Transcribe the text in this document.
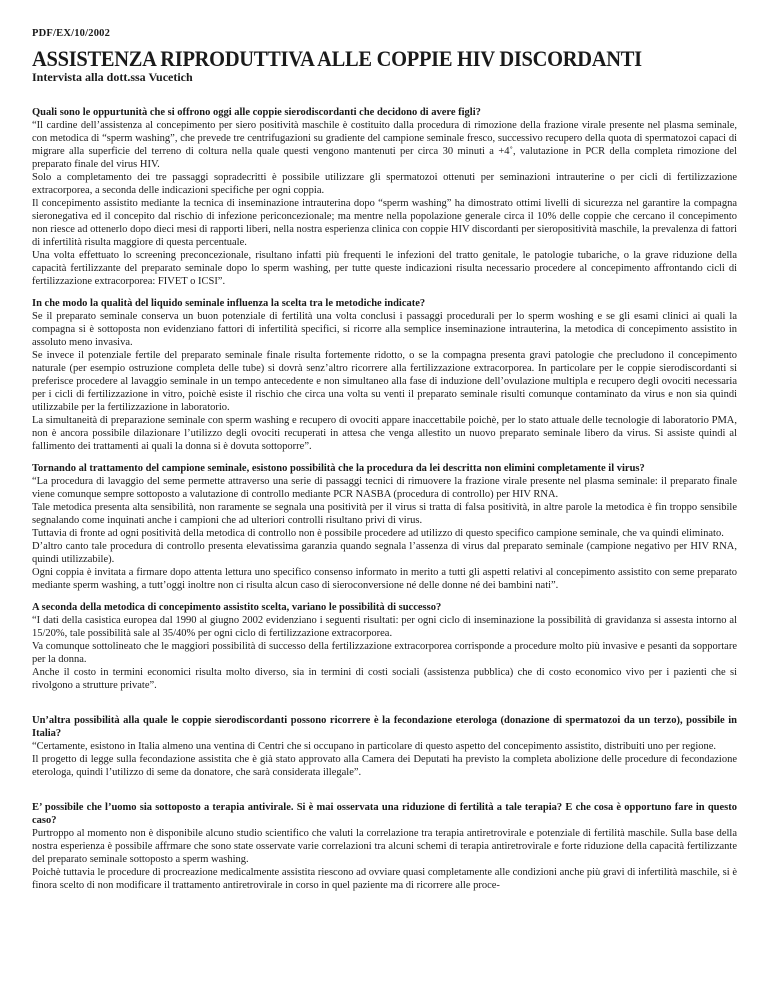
PDF/EX/10/2002
ASSISTENZA RIPRODUTTIVA ALLE COPPIE HIV DISCORDANTI
Intervista alla dott.ssa Vucetich

Quali sono le oppurtunità che si offrono oggi alle coppie sierodiscordanti che decidono di avere figli?

“Il cardine dell’assistenza al concepimento per siero positività maschile è costituito dalla procedura di rimozione della frazione virale presente nel plasma seminale, con metodica di “sperm washing”, che prevede tre centrifugazioni su gradiente del campione seminale fresco, successivo recupero della quota di spermatozoi capaci di migrare alla superficie del terreno di coltura nella quale questi vengono mantenuti per circa 30 minuti a +4˚, valutazione in PCR della completa rimozione del preparato finale del virus HIV.

Solo a completamento dei tre passaggi sopradecritti è possibile utilizzare gli spermatozoi ottenuti per seminazioni intrauterine o per cicli di fertilizzazione extracorporea, a seconda delle indicazioni specifiche per ogni coppia.

Il concepimento assistito mediante la tecnica di inseminazione intrauterina dopo “sperm washing” ha dimostrato ottimi livelli di sicurezza nel garantire la compagna sieronegativa ed il concepito dal rischio di infezione periconcezionale; ma mentre nella popolazione generale circa il 10% delle coppie che cercano il concepimento non riesce ad ottenerlo dopo dieci mesi di rapporti liberi, nella nostra esperienza clinica con coppie HIV discordanti per sieropositività maschile, la prevalenza di fattori di infertilità risulta maggiore di questa percentuale.

Una volta effettuato lo screening preconcezionale, risultano infatti più frequenti le infezioni del tratto genitale, le patologie tubariche, o la grave riduzione della capacità fertilizzante del preparato seminale dopo lo sperm washing, per tutte queste indicazioni risulta necessario procedere al concepimento affrontando cicli di fertilizzazione extracorporea: FIVET o ICSI”.

In che modo la qualità del liquido seminale influenza la scelta tra le metodiche indicate?

Se il preparato seminale conserva un buon potenziale di fertilità una volta conclusi i passaggi procedurali per lo sperm woshing e se gli esami clinici ai quali la compagna si è sottoposta non evidenziano fattori di infertilità specifici, si ricorre alla semplice inseminazione intrauterina, la metodica di concepimento assistito in assoluto meno invasiva.

Se invece il potenziale fertile del preparato seminale finale risulta fortemente ridotto, o se la compagna presenta gravi patologie che precludono il concepimento naturale (per esempio ostruzione completa delle tube) si dovrà senz’altro ricorrere alla fertilizzazione extracorporea. In particolare per le coppie sierodiscordanti si preferisce procedere al lavaggio seminale in un tempo antecedente e non simultaneo alla fase di induzione dell’ovulazione multipla e recupero degli ovociti necessaria per i cicli di fertilizzazione in vitro, poichè esiste il rischio che circa una volta su venti il preparato seminale risulti comunque contaminato da virus e non sia quindi utilizzabile per la fertilizzazione in laboratorio.

La simultaneità di preparazione seminale con sperm washing e recupero di ovociti appare inaccettabile poichè, per lo stato attuale delle tecnologie di laboratorio PMA, non è ancora possibile dilazionare l’utilizzo degli ovociti recuperati in attesa che venga allestito un nuovo preparato seminale libero da virus. Si assiste quindi al fallimento dei trattamenti ai quali la donna si è dovuta sottoporre”.

Tornando al trattamento del campione seminale, esistono possibilità che la procedura da lei descritta non elimini completamente il virus?

“La procedura di lavaggio del seme permette attraverso una serie di passaggi tecnici di rimuovere la frazione virale presente nel plasma seminale: il preparato finale viene comunque sempre sottoposto a valutazione di controllo mediante PCR NASBA (procedura di controllo) per HIV RNA.

Tale metodica presenta alta sensibilità, non raramente se segnala una positività per il virus si tratta di falsa positività, in altre parole la metodica è fin troppo sensibile segnalando come inquinati anche i campioni che ad ulteriori controlli risultano privi di virus.

Tuttavia di fronte ad ogni positività della metodica di controllo non è possibile procedere ad utilizzo di questo specifico campione seminale, che va quindi eliminato.

D’altro canto tale procedura di controllo presenta elevatissima garanzia quando segnala l’assenza di virus dal preparato seminale (campione negativo per HIV RNA, quindi utilizzabile).

Ogni coppia è invitata a firmare dopo attenta lettura uno specifico consenso informato in merito a tutti gli aspetti relativi al concepimento assistito con seme preparato mediante sperm washing, a tutt’oggi inoltre non ci risulta alcun caso di sieroconversione né delle donne né dei bambini nati”.

A seconda della metodica di concepimento assistito scelta, variano le possibilità di successo?

“I dati della casistica europea dal 1990 al giugno 2002 evidenziano i seguenti risultati: per ogni ciclo di inseminazione la possibilità di gravidanza si assesta intorno al 15/20%, tale possibilità sale al 35/40% per ogni ciclo di fertilizzazione extracorporea.

Va comunque sottolineato che le maggiori possibilità di successo della fertilizzazione extracorporea corrisponde a procedure molto più invasive e pesanti da sopportare per la donna.

Anche il costo in termini economici risulta molto diverso, sia in termini di costi sociali (assistenza pubblica) che di costo economico vivo per i pazienti che si rivolgono a strutture private”.

Un’altra possibilità alla quale le coppie sierodiscordanti possono ricorrere è la fecondazione eterologa (donazione di spermatozoi da un terzo), possibile in Italia?

“Certamente, esistono in Italia almeno una ventina di Centri che si occupano in particolare di questo aspetto del concepimento assistito, distribuiti uno per regione.

Il progetto di legge sulla fecondazione assistita che è già stato approvato alla Camera dei Deputati ha previsto la completa abolizione delle procedure di fecondazione eterologa, quindi l’utilizzo di seme da donatore, che sarà considerata illegale”.

E’ possibile che l’uomo sia sottoposto a terapia antivirale. Si è mai osservata una riduzione di fertilità a tale terapia? E che cosa è opportuno fare in questo caso?

Purtroppo al momento non è disponibile alcuno studio scientifico che valuti la correlazione tra terapia antiretrovirale e potenziale di fertilità maschile. Sulla base della nostra esperienza è possibile affrmare che sono state osservate varie correlazioni tra alcuni schemi di terapia antiretrovirale e forte riduzione della capacità fertilizzante del preparato seminale sottoposto a sperm washing.

Poichè tuttavia le procedure di procreazione medicalmente assistita riescono ad ovviare quasi completamente alle condizioni anche più gravi di infertilità maschile, si è finora scelto di non modificare il trattamento antiretrovirale in corso in quel paziente ma di ricorrere alle proce-
